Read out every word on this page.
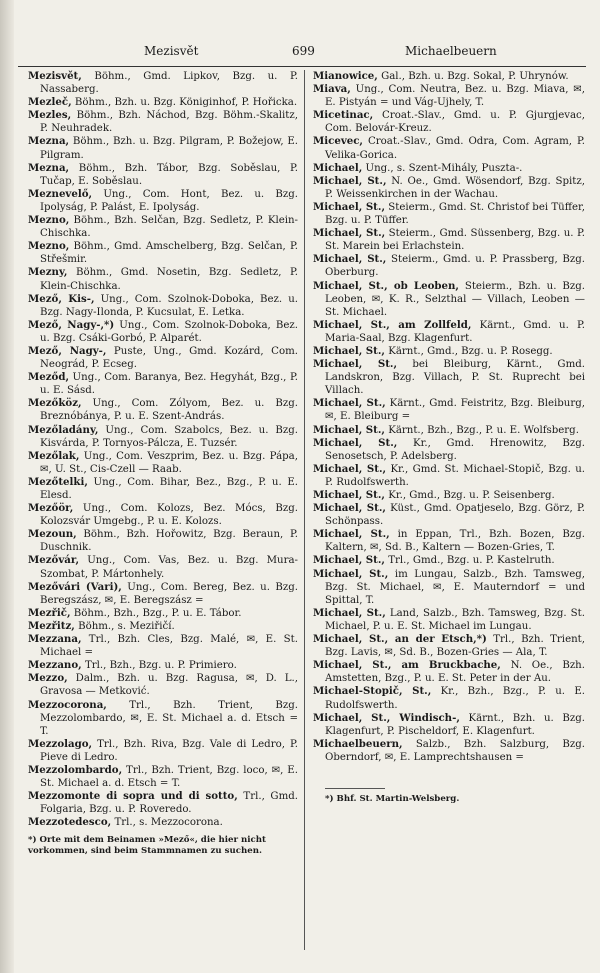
Mezisvět	699	Michaelbeuern

Mezisvět, Böhm., Gmd. Lipkov, Bzg. u. P. Nassaberg.

Mezleč, Böhm., Bzh. u. Bzg. Königinhof, P. Hořicka.

Mezles, Böhm., Bzh. Náchod, Bzg. Böhm.-Skalitz, P. Neuhradek.

Mezna, Böhm., Bzh. u. Bzg. Pilgram, P. Božejow, E. Pilgram.

Mezna, Böhm., Bzh. Tábor, Bzg. Soběslau, P. Tučap, E. Soběslau.

Meznevelő, Ung., Com. Hont, Bez. u. Bzg. Ipolyság, P. Palást, E. Ipolyság.

Mezno, Böhm., Bzh. Selčan, Bzg. Sedletz, P. Klein-Chischka.

Mezno, Böhm., Gmd. Amschelberg, Bzg. Selčan, P. Střešmir.

Mezny, Böhm., Gmd. Nosetin, Bzg. Sedletz, P. Klein-Chischka.

Mező, Kis-, Ung., Com. Szolnok-Doboka, Bez. u. Bzg. Nagy-Ilonda, P. Kucsulat, E. Letka.

Mező, Nagy-,*) Ung., Com. Szolnok-Doboka, Bez. u. Bzg. Csáki-Gorbó, P. Alparét.

Mező, Nagy-, Puste, Ung., Gmd. Kozárd, Com. Neográd, P. Ecseg.

Meződ, Ung., Com. Baranya, Bez. Hegyhát, Bzg., P. u. E. Sásd.

Mezőköz, Ung., Com. Zólyom, Bez. u. Bzg. Breznóbánya, P. u. E. Szent-András.

Mezőladány, Ung., Com. Szabolcs, Bez. u. Bzg. Kisvárda, P. Tornyos-Pálcza, E. Tuzsér.

Mezőlak, Ung., Com. Veszprim, Bez. u. Bzg. Pápa, ✉, U. St., Cis-Czell — Raab.

Mezőtelki, Ung., Com. Bihar, Bez., Bzg., P. u. E. Elesd.

Mezőör, Ung., Com. Kolozs, Bez. Mócs, Bzg. Kolozsvár Umgebg., P. u. E. Kolozs.

Mezoun, Böhm., Bzh. Hořowitz, Bzg. Beraun, P. Duschnik.

Mezővár, Ung., Com. Vas, Bez. u. Bzg. Mura-Szombat, P. Mártonhely.

Mezővári (Vari), Ung., Com. Bereg, Bez. u. Bzg. Beregszász, ✉, E. Beregszász =

Mezřič, Böhm., Bzh., Bzg., P. u. E. Tábor.

Mezřitz, Böhm., s. Meziřičí.

Mezzana, Trl., Bzh. Cles, Bzg. Malé, ✉, E. St. Michael =

Mezzano, Trl., Bzh., Bzg. u. P. Primiero.

Mezzo, Dalm., Bzh. u. Bzg. Ragusa, ✉, D. L., Gravosa — Metković.

Mezzocorona, Trl., Bzh. Trient, Bzg. Mezzolombardo, ✉, E. St. Michael a. d. Etsch = T.

Mezzolago, Trl., Bzh. Riva, Bzg. Vale di Ledro, P. Pieve di Ledro.

Mezzolombardo, Trl., Bzh. Trient, Bzg. loco, ✉, E. St. Michael a. d. Etsch = T.

Mezzomonte di sopra und di sotto, Trl., Gmd. Folgaria, Bzg. u. P. Roveredo.

Mezzotedesco, Trl., s. Mezzocorona.

*) Orte mit dem Beinamen »Mező«, die hier nicht vorkommen, sind beim Stammnamen zu suchen.

Mianowice, Gal., Bzh. u. Bzg. Sokal, P. Uhrynów.

Miava, Ung., Com. Neutra, Bez. u. Bzg. Miava, ✉, E. Pistyán = und Vág-Ujhely, T.

Micetinac, Croat.-Slav., Gmd. u. P. Gjurgjevac, Com. Belovár-Kreuz.

Micevec, Croat.-Slav., Gmd. Odra, Com. Agram, P. Velika-Gorica.

Michael, Ung., s. Szent-Mihály, Puszta-.

Michael, St., N. Oe., Gmd. Wösendorf, Bzg. Spitz, P. Weissenkirchen in der Wachau.

Michael, St., Steierm., Gmd. St. Christof bei Tüffer, Bzg. u. P. Tüffer.

Michael, St., Steierm., Gmd. Süssenberg, Bzg. u. P. St. Marein bei Erlachstein.

Michael, St., Steierm., Gmd. u. P. Prassberg, Bzg. Oberburg.

Michael, St., ob Leoben, Steierm., Bzh. u. Bzg. Leoben, ✉, K. R., Selzthal — Villach, Leoben — St. Michael.

Michael, St., am Zollfeld, Kärnt., Gmd. u. P. Maria-Saal, Bzg. Klagenfurt.

Michael, St., Kärnt., Gmd., Bzg. u. P. Rosegg.

Michael, St., bei Bleiburg, Kärnt., Gmd. Landskron, Bzg. Villach, P. St. Ruprecht bei Villach.

Michael, St., Kärnt., Gmd. Feistritz, Bzg. Bleiburg, ✉, E. Bleiburg =

Michael, St., Kärnt., Bzh., Bzg., P. u. E. Wolfsberg.

Michael, St., Kr., Gmd. Hrenowitz, Bzg. Senosetsch, P. Adelsberg.

Michael, St., Kr., Gmd. St. Michael-Stopič, Bzg. u. P. Rudolfswerth.

Michael, St., Kr., Gmd., Bzg. u. P. Seisenberg.

Michael, St., Küst., Gmd. Opatjeselo, Bzg. Görz, P. Schönpass.

Michael, St., in Eppan, Trl., Bzh. Bozen, Bzg. Kaltern, ✉, Sd. B., Kaltern — Bozen-Gries, T.

Michael, St., Trl., Gmd., Bzg. u. P. Kastelruth.

Michael, St., im Lungau, Salzb., Bzh. Tamsweg, Bzg. St. Michael, ✉, E. Mauterndorf = und Spittal, T.

Michael, St., Land, Salzb., Bzh. Tamsweg, Bzg. St. Michael, P. u. E. St. Michael im Lungau.

Michael, St., an der Etsch,*) Trl., Bzh. Trient, Bzg. Lavis, ✉, Sd. B., Bozen-Gries — Ala, T.

Michael, St., am Bruckbache, N. Oe., Bzh. Amstetten, Bzg., P. u. E. St. Peter in der Au.

Michael-Stopič, St., Kr., Bzh., Bzg., P. u. E. Rudolfswerth.

Michael, St., Windisch-, Kärnt., Bzh. u. Bzg. Klagenfurt, P. Pischeldorf, E. Klagenfurt.

Michaelbeuern, Salzb., Bzh. Salzburg, Bzg. Oberndorf, ✉, E. Lamprechtshausen =

*) Bhf. St. Martin-Welsberg.
